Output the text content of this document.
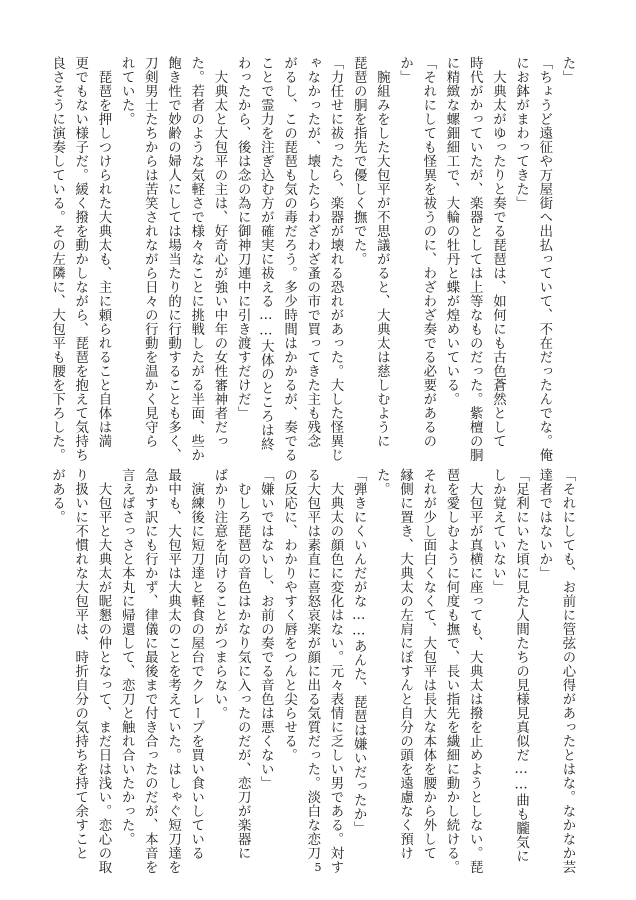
た」
「ちょうど遠征や万屋街へ出払っていて、不在だったんでな。俺
にお鉢がまわってきた」
　大典太がゆったりと奏でる琵琶は、如何にも古色蒼然として
時代がかっていたが、楽器としては上等なものだった。紫檀の胴
に精緻な螺鈿細工で、大輪の牡丹と蝶が煌めいている。
「それにしても怪異を祓うのに、わざわざ奏でる必要があるの
か」
　腕組みをした大包平が不思議がると、大典太は慈しむように
琵琶の胴を指先で優しく撫でた。
「力任せに祓ったら、楽器が壊れる恐れがあった。大した怪異じ
ゃなかったが、壊したらわざわざ蚤の市で買ってきた主も残念
がるし、この琵琶も気の毒だろう。多少時間はかかるが、奏でる
ことで霊力を注ぎ込む方が確実に祓える……大体のところは終
わったから、後は念の為に御神刀連中に引き渡すだけだ」
　大典太と大包平の主は、好奇心が強い中年の女性審神者だっ
た。若者のような気軽さで様々なことに挑戦したがる半面、些か
飽き性で妙齢の婦人にしては場当たり的に行動することも多く、
刀剣男士たちからは苦笑されながら日々の行動を温かく見守ら
れていた。
　琵琶を押しつけられた大典太も、主に頼られること自体は満
更でもない様子だ。緩く撥を動かしながら、琵琶を抱えて気持ち
良さそうに演奏している。その左隣に、大包平も腰を下ろした。
「それにしても、お前に管弦の心得があったとはな。なかなか芸
達者ではないか」
「足利にいた頃に見た人間たちの見様見真似だ……曲も朧気に
しか覚えていない」
　大包平が真横に座っても、大典太は撥を止めようとしない。琵
琶を愛しむように何度も撫で、長い指先を繊細に動かし続ける。
それが少し面白くなくて、大包平は長大な本体を腰から外して
縁側に置き、大典太の左肩にぽすんと自分の頭を遠慮なく預け
た。
「弾きにくいんだがな……あんた、琵琶は嫌いだったか」
　大典太の顔色に変化はない。元々表情に乏しい男である。対す
る大包平は素直に喜怒哀楽が顔に出る気質だった。淡白な恋刀
の反応に、わかりやすく唇をつんと尖らせる。
「嫌いではないし、お前の奏でる音色は悪くない」
　むしろ琵琶の音色はかなり気に入ったのだが、恋刀が楽器に
ばかり注意を向けることがつまらない。
　演練後に短刀達と軽食の屋台でクレープを買い食いしている
最中も、大包平は大典太のことを考えていた。はしゃぐ短刀達を
急かす訳にも行かず、律儀に最後まで付き合ったのだが、本音を
言えばさっさと本丸に帰還して、恋刀と触れ合いたかった。
　大包平と大典太が昵懇の仲となって、まだ日は浅い。恋心の取
り扱いに不慣れな大包平は、時折自分の気持ちを持て余すこと
がある。
5
